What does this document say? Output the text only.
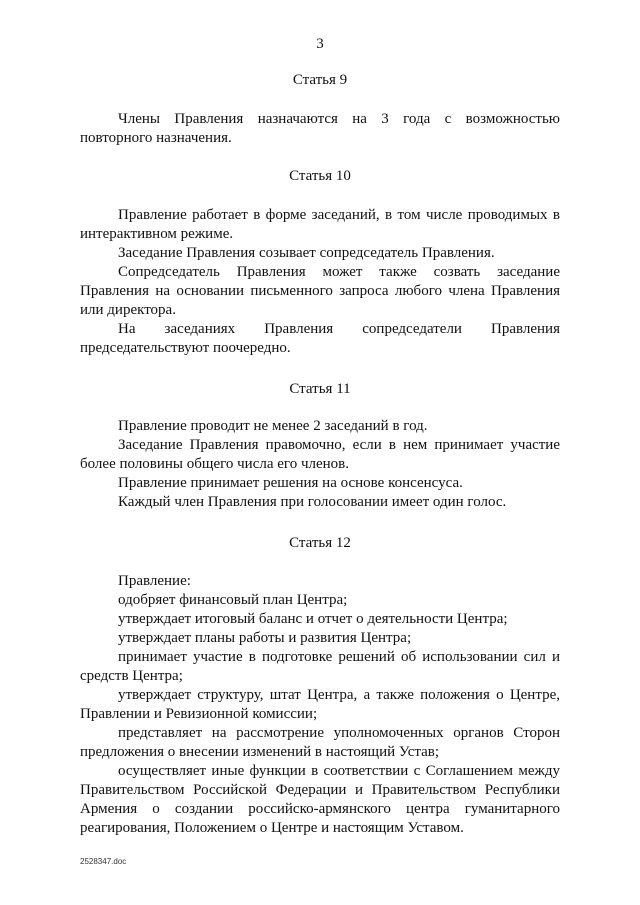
3
Статья 9

Члены Правления назначаются на 3 года с возможностью повторного назначения.

Статья 10

Правление работает в форме заседаний, в том числе проводимых в интерактивном режиме.

Заседание Правления созывает сопредседатель Правления.

Сопредседатель Правления может также созвать заседание Правления на основании письменного запроса любого члена Правления или директора.

На заседаниях Правления сопредседатели Правления председательствуют поочередно.

Статья 11

Правление проводит не менее 2 заседаний в год.

Заседание Правления правомочно, если в нем принимает участие более половины общего числа его членов.

Правление принимает решения на основе консенсуса.

Каждый член Правления при голосовании имеет один голос.

Статья 12

Правление:

одобряет финансовый план Центра;

утверждает итоговый баланс и отчет о деятельности Центра;

утверждает планы работы и развития Центра;

принимает участие в подготовке решений об использовании сил и средств Центра;

утверждает структуру, штат Центра, а также положения о Центре, Правлении и Ревизионной комиссии;

представляет на рассмотрение уполномоченных органов Сторон предложения о внесении изменений в настоящий Устав;

осуществляет иные функции в соответствии с Соглашением между Правительством Российской Федерации и Правительством Республики Армения о создании российско-армянского центра гуманитарного реагирования, Положением о Центре и настоящим Уставом.

2528347.doc
